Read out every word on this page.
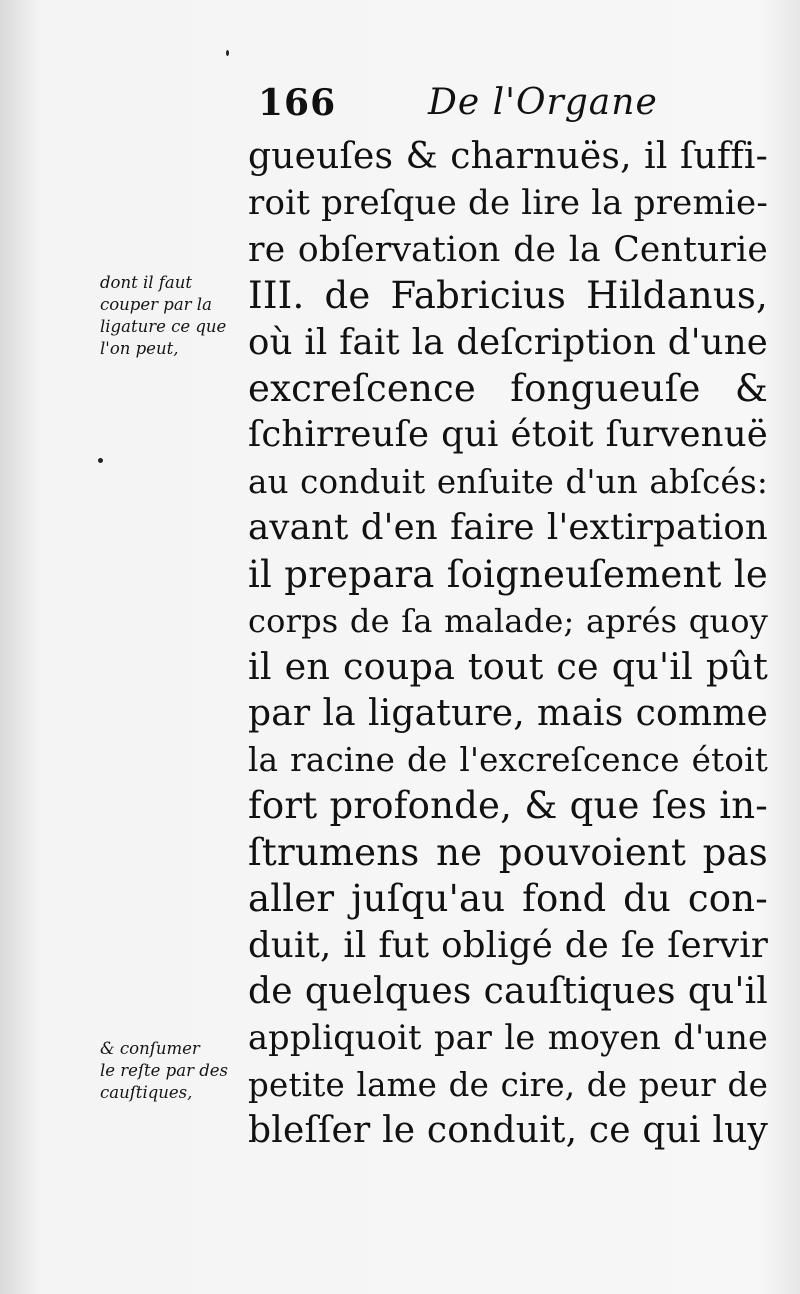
166	De l'Organe
dont il faut
couper par la
ligature ce que
l'on peut,
& conſumer
le reſte par des
cauſtiques,
gueuſes & charnuës, il ſuffi-
roit preſque de lire la premie-
re obſervation de la Centurie
III. de Fabricius Hildanus,
où il fait la deſcription d'une
excreſcence fongueuſe &
ſchirreuſe qui étoit ſurvenuë
au conduit enſuite d'un abſcés:
avant d'en faire l'extirpation
il prepara ſoigneuſement le
corps de ſa malade; aprés quoy
il en coupa tout ce qu'il pût
par la ligature, mais comme
la racine de l'excreſcence étoit
fort profonde, & que ſes in-
ſtrumens ne pouvoient pas
aller juſqu'au fond du con-
duit, il fut obligé de ſe ſervir
de quelques cauſtiques qu'il
appliquoit par le moyen d'une
petite lame de cire, de peur de
bleſſer le conduit, ce qui luy
